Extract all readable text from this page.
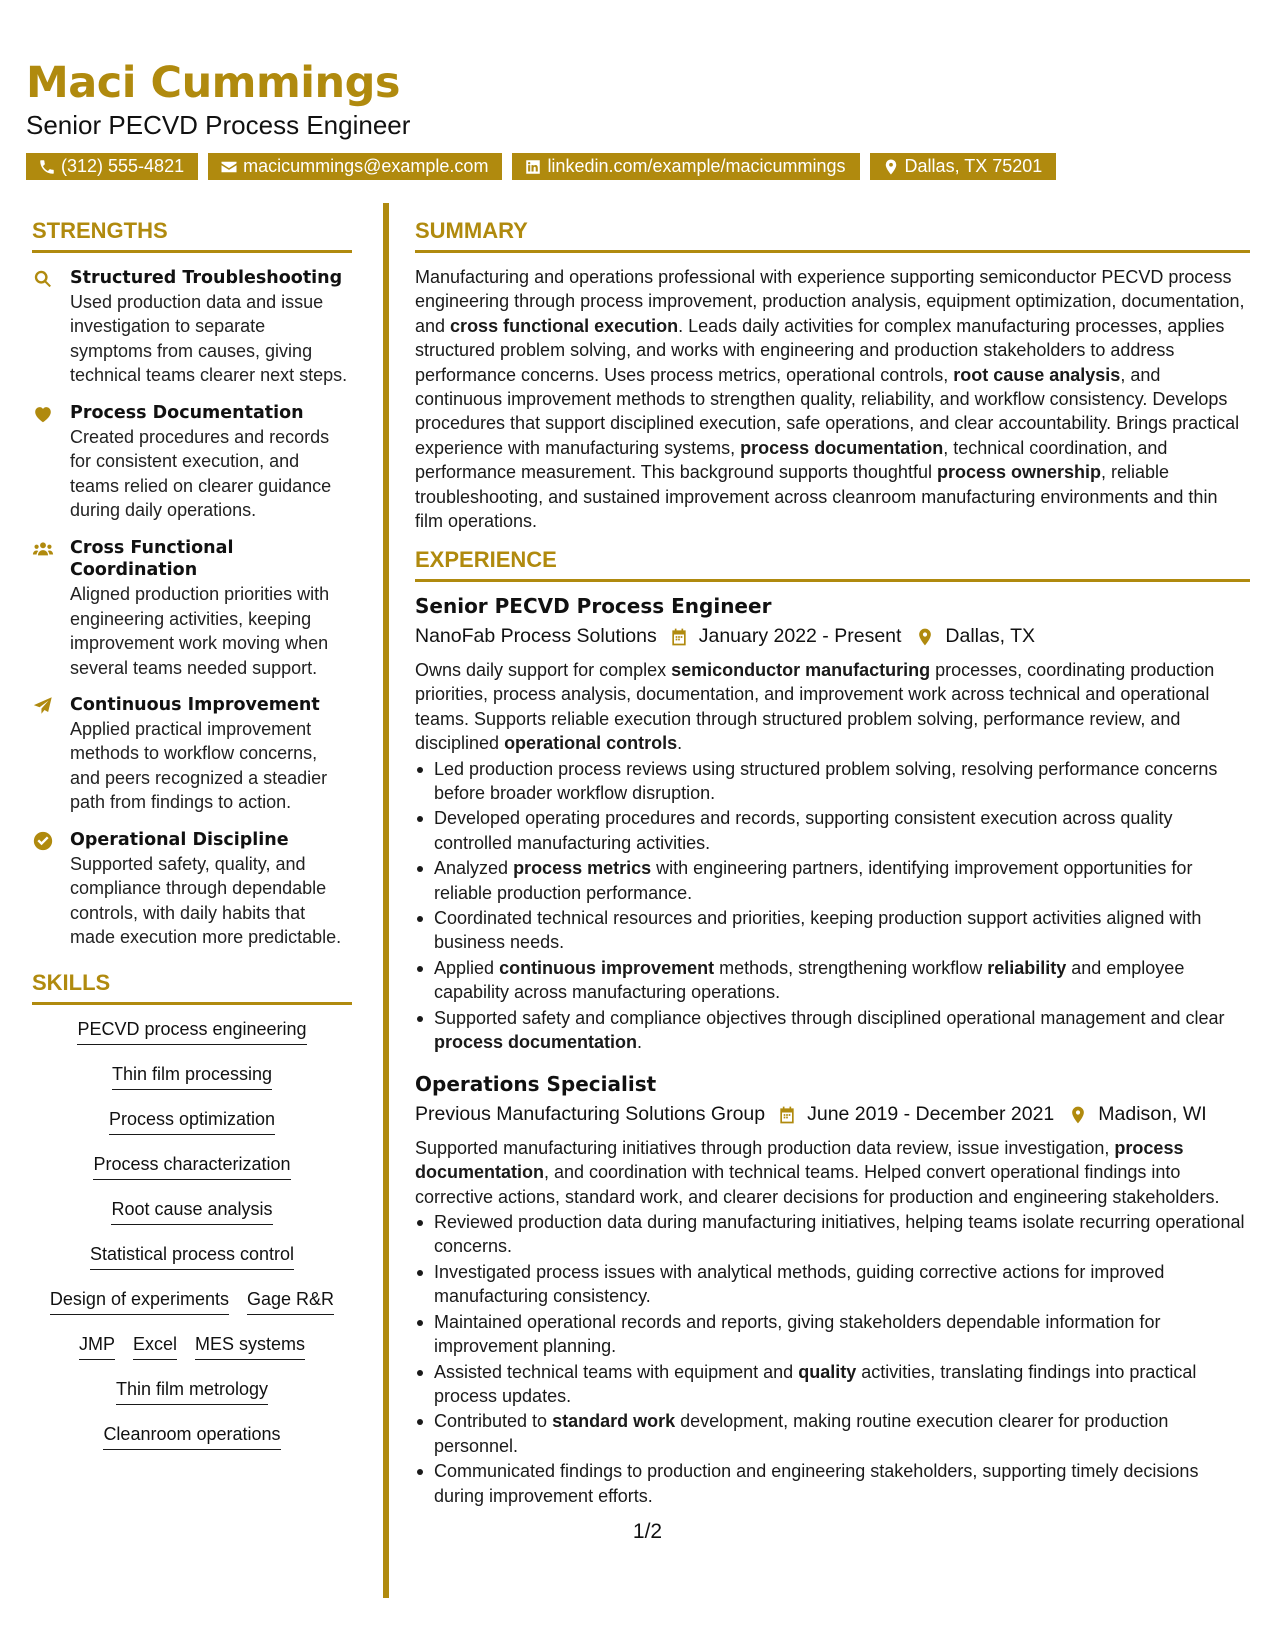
Maci Cummings
Senior PECVD Process Engineer
(312) 555-4821	macicummings@example.com	linkedin.com/example/macicummings	Dallas, TX 75201
STRENGTHS
Structured Troubleshooting

Used production data and issue investigation to separate symptoms from causes, giving technical teams clearer next steps.

Process Documentation

Created procedures and records for consistent execution, and teams relied on clearer guidance during daily operations.

Cross Functional Coordination

Aligned production priorities with engineering activities, keeping improvement work moving when several teams needed support.

Continuous Improvement

Applied practical improvement methods to workflow concerns, and peers recognized a steadier path from findings to action.

Operational Discipline

Supported safety, quality, and compliance through dependable controls, with daily habits that made execution more predictable.

SKILLS
PECVD process engineering
Thin film processing
Process optimization
Process characterization
Root cause analysis
Statistical process control
Design of experiments Gage R&R
JMP Excel MES systems
Thin film metrology
Cleanroom operations
SUMMARY

Manufacturing and operations professional with experience supporting semiconductor PECVD process engineering through process improvement, production analysis, equipment optimization, documentation, and cross functional execution. Leads daily activities for complex manufacturing processes, applies structured problem solving, and works with engineering and production stakeholders to address performance concerns. Uses process metrics, operational controls, root cause analysis, and continuous improvement methods to strengthen quality, reliability, and workflow consistency. Develops procedures that support disciplined execution, safe operations, and clear accountability. Brings practical experience with manufacturing systems, process documentation, technical coordination, and performance measurement. This background supports thoughtful process ownership, reliable troubleshooting, and sustained improvement across cleanroom manufacturing environments and thin film operations.

EXPERIENCE
Senior PECVD Process Engineer
NanoFab Process Solutions January 2022 - Present Dallas, TX

Owns daily support for complex semiconductor manufacturing processes, coordinating production priorities, process analysis, documentation, and improvement work across technical and operational teams. Supports reliable execution through structured problem solving, performance review, and disciplined operational controls.

Led production process reviews using structured problem solving, resolving performance concerns before broader workflow disruption.
Developed operating procedures and records, supporting consistent execution across quality controlled manufacturing activities.
Analyzed process metrics with engineering partners, identifying improvement opportunities for reliable production performance.
Coordinated technical resources and priorities, keeping production support activities aligned with business needs.
Applied continuous improvement methods, strengthening workflow reliability and employee capability across manufacturing operations.
Supported safety and compliance objectives through disciplined operational management and clear process documentation.
Operations Specialist
Previous Manufacturing Solutions Group June 2019 - December 2021 Madison, WI

Supported manufacturing initiatives through production data review, issue investigation, process documentation, and coordination with technical teams. Helped convert operational findings into corrective actions, standard work, and clearer decisions for production and engineering stakeholders.

Reviewed production data during manufacturing initiatives, helping teams isolate recurring operational concerns.
Investigated process issues with analytical methods, guiding corrective actions for improved manufacturing consistency.
Maintained operational records and reports, giving stakeholders dependable information for improvement planning.
Assisted technical teams with equipment and quality activities, translating findings into practical process updates.
Contributed to standard work development, making routine execution clearer for production personnel.
Communicated findings to production and engineering stakeholders, supporting timely decisions during improvement efforts.
1/2
